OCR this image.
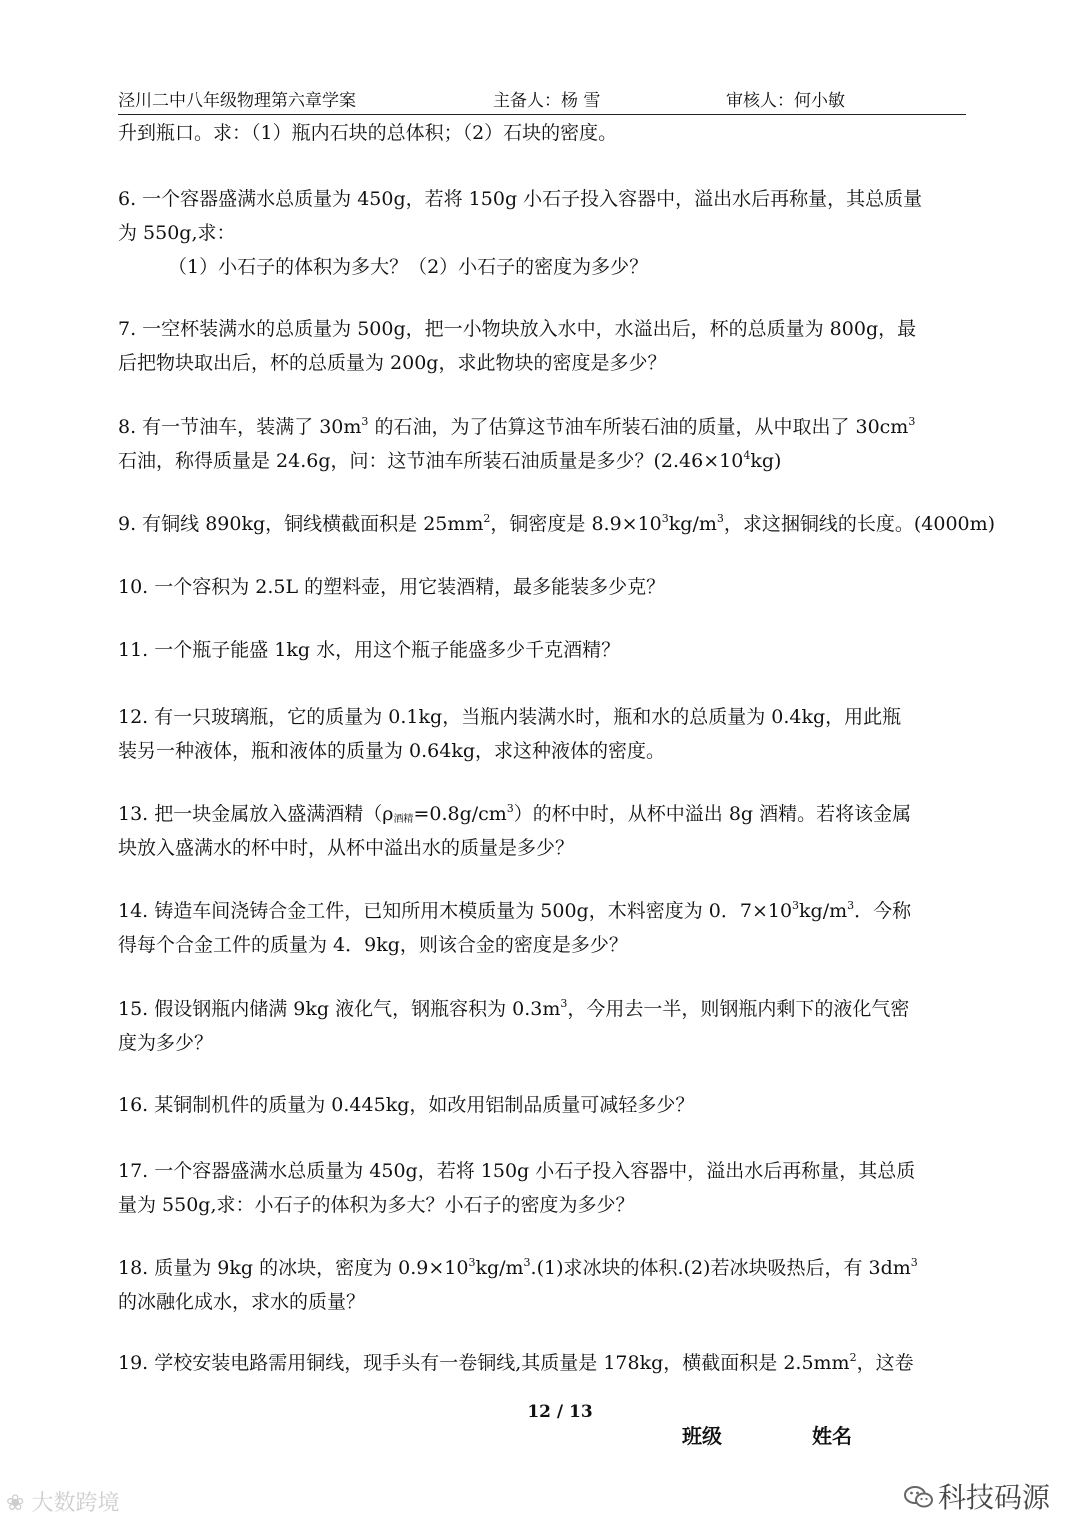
泾川二中八年级物理第六章学案	主备人：杨 雪	审核人：何小敏
升到瓶口。求：（1）瓶内石块的总体积；（2）石块的密度。
6. 一个容器盛满水总质量为 450g，若将 150g 小石子投入容器中，溢出水后再称量，其总质量
为 550g,求：
（1）小石子的体积为多大？（2）小石子的密度为多少？
7. 一空杯装满水的总质量为 500g，把一小物块放入水中，水溢出后，杯的总质量为 800g，最
后把物块取出后，杯的总质量为 200g，求此物块的密度是多少？
8. 有一节油车，装满了 $30m^3$ 的石油，为了估算这节油车所装石油的质量，从中取出了 $30cm^3$
石油，称得质量是 24.6g，问：这节油车所装石油质量是多少？$(2.46\times 10^4kg)$
9. 有铜线 890kg，铜线横截面积是 $25mm^2$，铜密度是 $8.9\times 10^3kg/m^3$，求这捆铜线的长度。(4000m)
10. 一个容积为 2.5L 的塑料壶，用它装酒精，最多能装多少克？
11. 一个瓶子能盛 1kg 水，用这个瓶子能盛多少千克酒精？
12. 有一只玻璃瓶，它的质量为 0.1kg，当瓶内装满水时，瓶和水的总质量为 0.4kg，用此瓶
装另一种液体，瓶和液体的质量为 0.64kg，求这种液体的密度。
13. 把一块金属放入盛满酒精$(\rho_{酒精}=0.8g/cm^3)$的杯中时，从杯中溢出 8g 酒精。若将该金属
块放入盛满水的杯中时，从杯中溢出水的质量是多少？
14. 铸造车间浇铸合金工件，已知所用木模质量为 500g，木料密度为 0．$7\times 10^3kg/m^3$．今称
得每个合金工件的质量为 4．9kg，则该合金的密度是多少？
15. 假设钢瓶内储满 9kg 液化气，钢瓶容积为 $0.3m^3$，今用去一半，则钢瓶内剩下的液化气密
度为多少？
16. 某铜制机件的质量为 0.445kg，如改用铝制品质量可减轻多少？
17. 一个容器盛满水总质量为 450g，若将 150g 小石子投入容器中，溢出水后再称量，其总质
量为 550g,求：小石子的体积为多大？小石子的密度为多少？
18. 质量为 9kg 的冰块，密度为 $0.9\times 10^3kg/m^3.(1)$求冰块的体积.(2)若冰块吸热后，有 $3dm^3$
的冰融化成水，求水的质量？
19. 学校安装电路需用铜线，现手头有一卷铜线,其质量是 178kg，横截面积是 $2.5mm^2$，这卷
12 / 13
班级	姓名
❀ 大数跨境	科技码源
